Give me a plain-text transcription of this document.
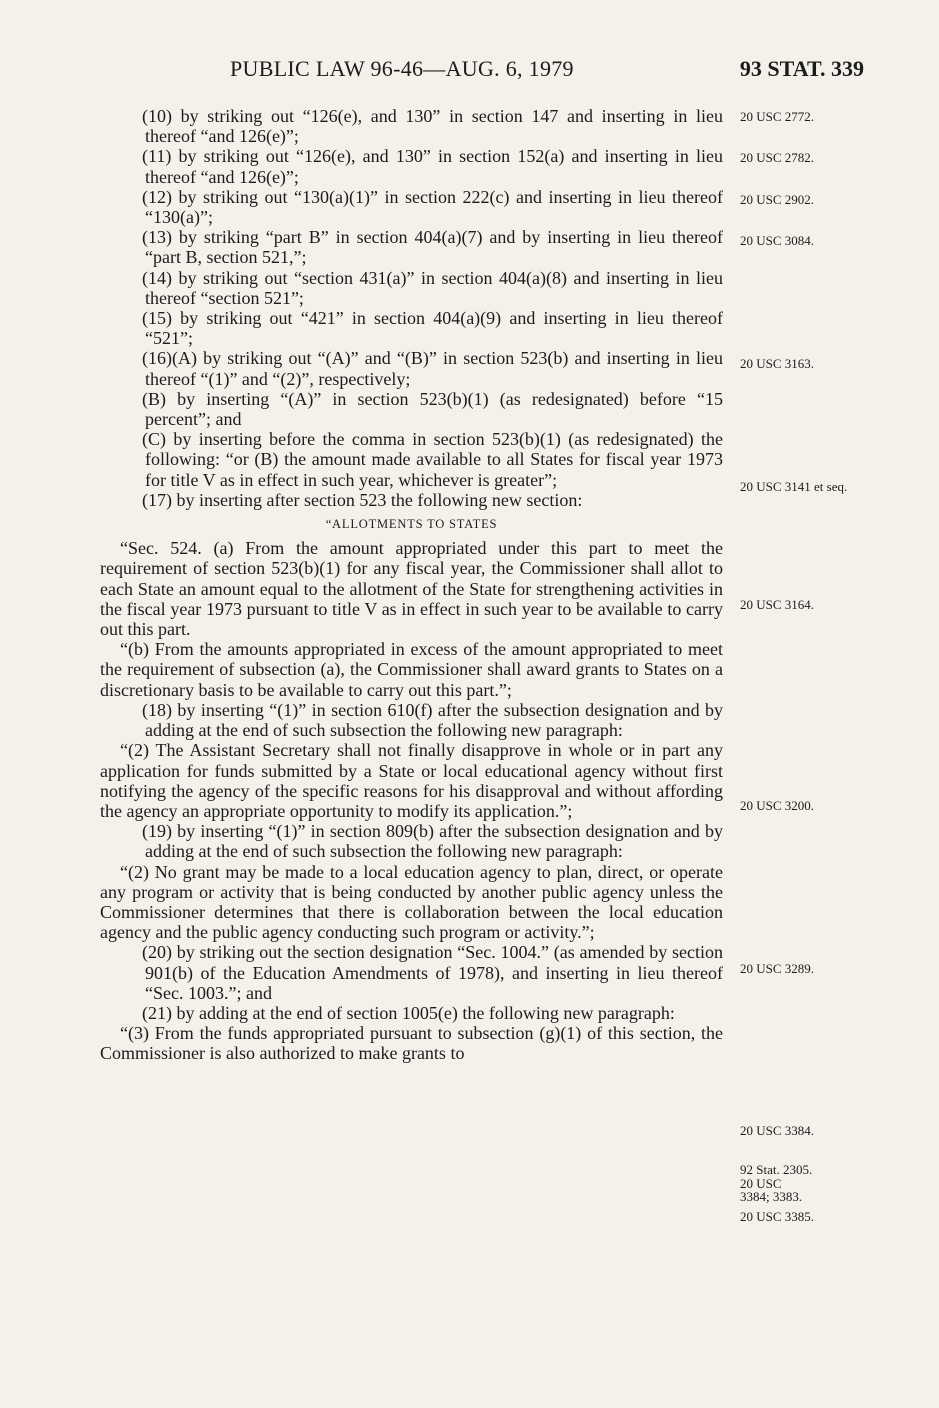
PUBLIC LAW 96-46—AUG. 6, 1979	93 STAT. 339

(10) by striking out “126(e), and 130” in section 147 and inserting in lieu thereof “and 126(e)”;

(11) by striking out “126(e), and 130” in section 152(a) and inserting in lieu thereof “and 126(e)”;

(12) by striking out “130(a)(1)” in section 222(c) and inserting in lieu thereof “130(a)”;

(13) by striking “part B” in section 404(a)(7) and by inserting in lieu thereof “part B, section 521,”;

(14) by striking out “section 431(a)” in section 404(a)(8) and inserting in lieu thereof “section 521”;

(15) by striking out “421” in section 404(a)(9) and inserting in lieu thereof “521”;

(16)(A) by striking out “(A)” and “(B)” in section 523(b) and inserting in lieu thereof “(1)” and “(2)”, respectively;

(B) by inserting “(A)” in section 523(b)(1) (as redesignated) before “15 percent”; and

(C) by inserting before the comma in section 523(b)(1) (as redesignated) the following: “or (B) the amount made available to all States for fiscal year 1973 for title V as in effect in such year, whichever is greater”;

(17) by inserting after section 523 the following new section:

“ALLOTMENTS TO STATES

“Sec. 524. (a) From the amount appropriated under this part to meet the requirement of section 523(b)(1) for any fiscal year, the Commissioner shall allot to each State an amount equal to the allotment of the State for strengthening activities in the fiscal year 1973 pursuant to title V as in effect in such year to be available to carry out this part.

“(b) From the amounts appropriated in excess of the amount appropriated to meet the requirement of subsection (a), the Commissioner shall award grants to States on a discretionary basis to be available to carry out this part.”;

(18) by inserting “(1)” in section 610(f) after the subsection designation and by adding at the end of such subsection the following new paragraph:

“(2) The Assistant Secretary shall not finally disapprove in whole or in part any application for funds submitted by a State or local educational agency without first notifying the agency of the specific reasons for his disapproval and without affording the agency an appropriate opportunity to modify its application.”;

(19) by inserting “(1)” in section 809(b) after the subsection designation and by adding at the end of such subsection the following new paragraph:

“(2) No grant may be made to a local education agency to plan, direct, or operate any program or activity that is being conducted by another public agency unless the Commissioner determines that there is collaboration between the local education agency and the public agency conducting such program or activity.”;

(20) by striking out the section designation “Sec. 1004.” (as amended by section 901(b) of the Education Amendments of 1978), and inserting in lieu thereof “Sec. 1003.”; and

(21) by adding at the end of section 1005(e) the following new paragraph:

“(3) From the funds appropriated pursuant to subsection (g)(1) of this section, the Commissioner is also authorized to make grants to

20 USC 2772.
20 USC 2782.
20 USC 2902.
20 USC 3084.
20 USC 3163.
20 USC 3141 et seq.
20 USC 3164.
20 USC 3200.
20 USC 3289.
20 USC 3384.
92 Stat. 2305.
20 USC 3384; 3383.
20 USC 3385.
